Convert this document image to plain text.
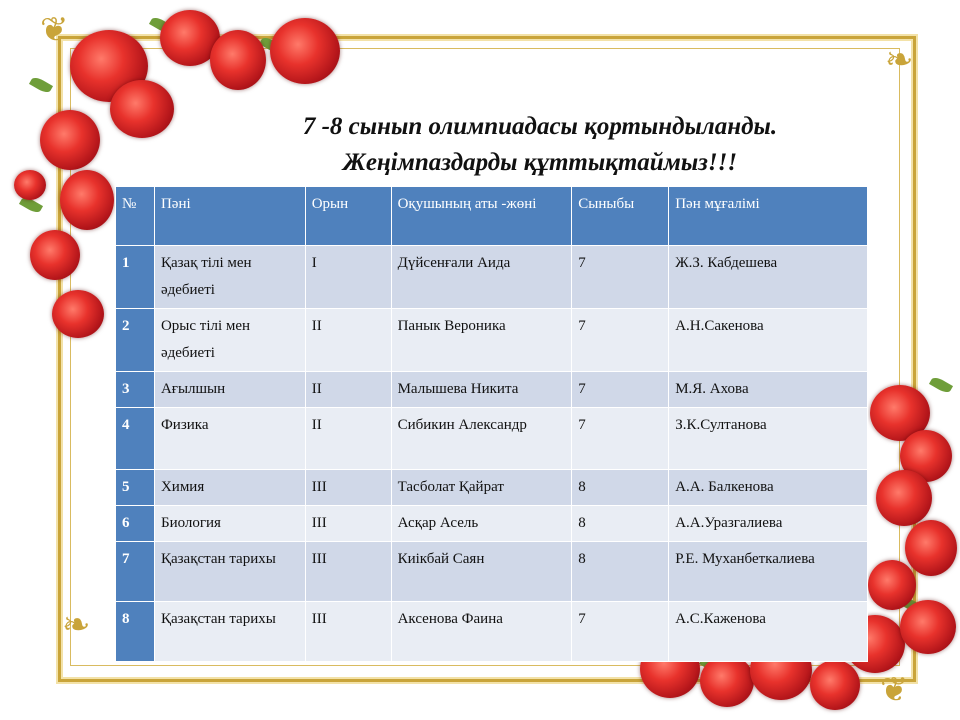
❦
❦
❧
❧
7 -8 сынып олимпиадасы қортындыланды.
Жеңімпаздарды құттықтаймыз!!!
№	Пәні	Орын	Оқушының аты -жөні	Сыныбы	Пән мұғалімі
1	Қазақ тілі мен әдебиеті	I	Дүйсенғали Аида	7	Ж.З. Кабдешева
2	Орыс тілі мен әдебиеті	II	Панык Вероника	7	А.Н.Сакенова
3	Ағылшын	II	Малышева Никита	7	М.Я. Ахова
4	Физика	II	Сибикин Александр	7	З.К.Султанова
5	Химия	III	Тасболат Қайрат	8	А.А. Балкенова
6	Биология	III	Асқар Асель	8	А.А.Уразгалиева
7	Қазақстан тарихы	III	Киікбай Саян	8	Р.Е. Муханбеткалиева
8	Қазақстан тарихы	III	Аксенова Фаина	7	А.С.Каженова
